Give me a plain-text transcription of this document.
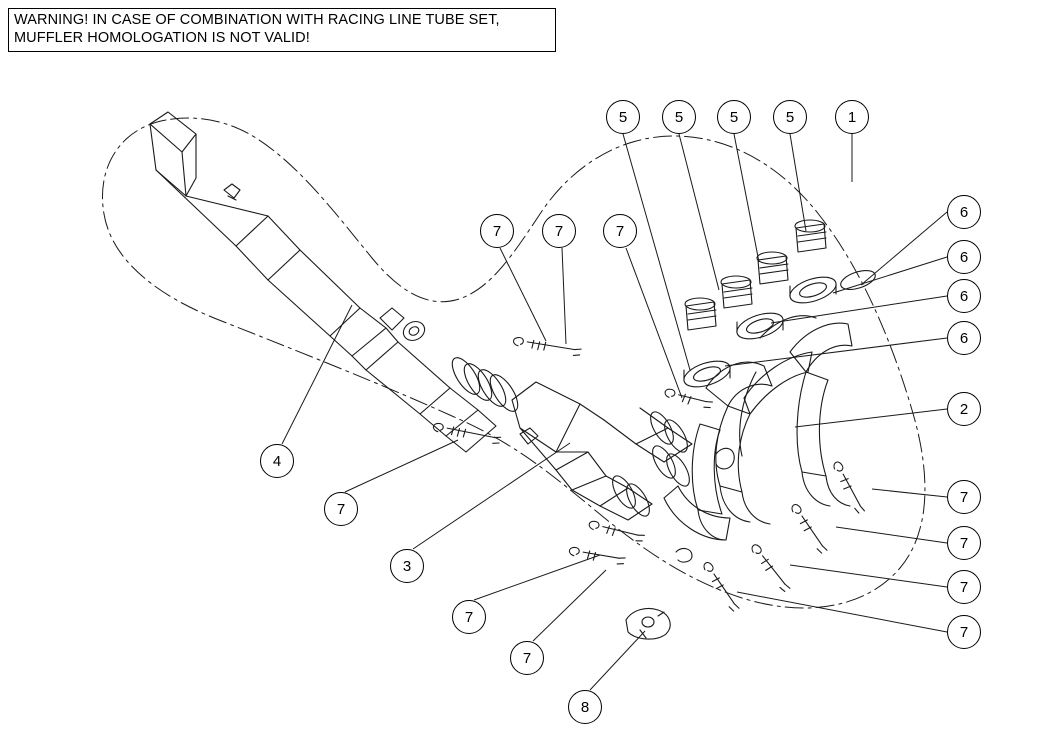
WARNING! IN CASE OF COMBINATION WITH RACING LINE TUBE SET,
MUFFLER HOMOLOGATION IS NOT VALID!
5	5	5	5	1
6
6
6
6
2
7	7	7
4
7
3
7
7
8
7
7
7
7
